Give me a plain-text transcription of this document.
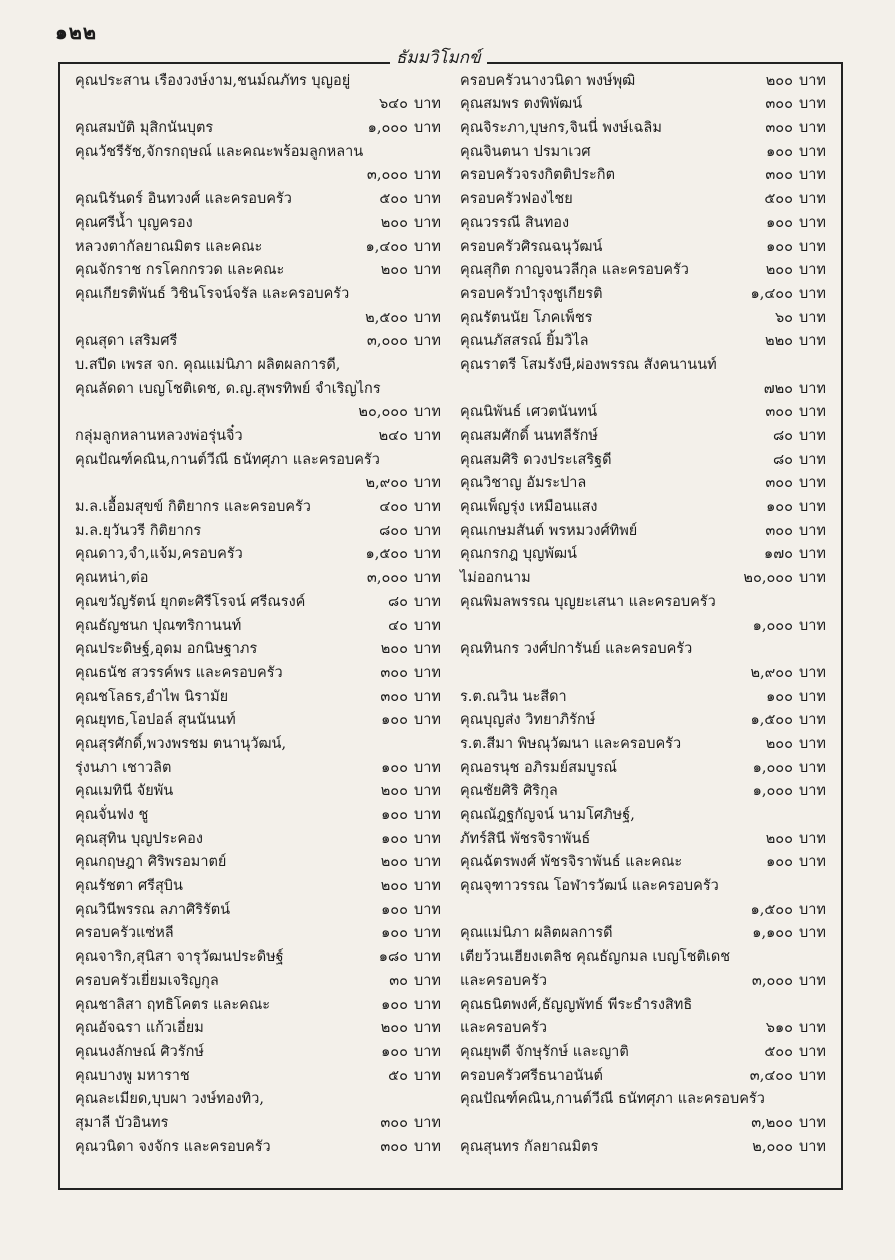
๑๒๒
ธัมมวิโมกข์
คุณประสาน เรืองวงษ์งาม,ชนม์ณภัทร บุญอยู่
๖๔๐ บาท
คุณสมบัติ มุสิกนันบุตร	๑,๐๐๐ บาท
คุณวัชรีรัช,จักรกฤษณ์ และคณะพร้อมลูกหลาน
๓,๐๐๐ บาท
คุณนิรันดร์ อินทวงศ์ และครอบครัว	๕๐๐ บาท
คุณศรีน้ำ บุญครอง	๒๐๐ บาท
หลวงตากัลยาณมิตร และคณะ	๑,๔๐๐ บาท
คุณจักราช กรโคกกรวด และคณะ	๒๐๐ บาท
คุณเกียรติพันธ์ วิชินโรจน์จรัล และครอบครัว
๒,๕๐๐ บาท
คุณสุดา เสริมศรี	๓,๐๐๐ บาท
บ.สปีด เพรส จก. คุณแม่นิภา ผลิตผลการดี,
คุณลัดดา เบญโชติเดช, ด.ญ.สุพรทิพย์ จำเริญไกร
๒๐,๐๐๐ บาท
กลุ่มลูกหลานหลวงพ่อรุ่นจิ๋ว	๒๔๐ บาท
คุณปัณฑ์คณิน,กานต์วีณี ธนัทศุภา และครอบครัว
๒,๙๐๐ บาท
ม.ล.เอื้อมสุขข์ กิติยากร และครอบครัว	๔๐๐ บาท
ม.ล.ยุวันวรี กิติยากร	๘๐๐ บาท
คุณดาว,จำ,แจ้ม,ครอบครัว	๑,๕๐๐ บาท
คุณหน่า,ต่อ	๓,๐๐๐ บาท
คุณขวัญรัตน์ ยุกตะศิรีโรจน์ ศรีณรงค์	๘๐ บาท
คุณธัญชนก ปุณฑริกานนท์	๔๐ บาท
คุณประดิษฐ์,อุดม อกนิษฐาภร	๒๐๐ บาท
คุณธนัช สวรรค์พร และครอบครัว	๓๐๐ บาท
คุณชโลธร,อำไพ นิรามัย	๓๐๐ บาท
คุณยุทธ,โอปอล์ สุนนันนท์	๑๐๐ บาท
คุณสุรศักดิ์,พวงพรชม ตนานุวัฒน์,
รุ่งนภา เชาวลิต	๑๐๐ บาท
คุณเมทินี จัยพัน	๒๐๐ บาท
คุณจั่นฟง ชู	๑๐๐ บาท
คุณสุทิน บุญประคอง	๑๐๐ บาท
คุณกฤษฎา ศิริพรอมาตย์	๒๐๐ บาท
คุณรัชตา ศรีสุบิน	๒๐๐ บาท
คุณวินีพรรณ ลภาศิริรัตน์	๑๐๐ บาท
ครอบครัวแซ่หลี	๑๐๐ บาท
คุณจาริก,สุนิสา จารุวัฒนประดิษฐ์	๑๘๐ บาท
ครอบครัวเยี่ยมเจริญกุล	๓๐ บาท
คุณชาลิสา ฤทธิโคตร และคณะ	๑๐๐ บาท
คุณอัจฉรา แก้วเอี่ยม	๒๐๐ บาท
คุณนงลักษณ์ ศิวรักษ์	๑๐๐ บาท
คุณบางพู มหาราช	๕๐ บาท
คุณละเมียด,บุบผา วงษ์ทองทิว,
สุมาลี บัวอินทร	๓๐๐ บาท
คุณวนิดา จงจักร และครอบครัว	๓๐๐ บาท
ครอบครัวนางวนิดา พงษ์พุฒิ	๒๐๐ บาท
คุณสมพร ตงพิพัฒน์	๓๐๐ บาท
คุณจิระภา,บุษกร,จินนี่ พงษ์เฉลิม	๓๐๐ บาท
คุณจินตนา ปรมาเวศ	๑๐๐ บาท
ครอบครัวจรงกิตติประกิต	๓๐๐ บาท
ครอบครัวฟองไชย	๕๐๐ บาท
คุณวรรณี สินทอง	๑๐๐ บาท
ครอบครัวศิรณฉนุวัฒน์	๑๐๐ บาท
คุณสุกิต กาญจนวลีกุล และครอบครัว	๒๐๐ บาท
ครอบครัวบำรุงชูเกียรติ	๑,๔๐๐ บาท
คุณรัตนนัย โภคเพ็ชร	๖๐ บาท
คุณนภัสสรณ์ ยิ้มวิไล	๒๒๐ บาท
คุณราตรี โสมรังษี,ผ่องพรรณ สังคนานนท์
๗๒๐ บาท
คุณนิพันธ์ เศวตนันทน์	๓๐๐ บาท
คุณสมศักดิ์ นนทลีรักษ์	๘๐ บาท
คุณสมศิริ ดวงประเสริฐดี	๘๐ บาท
คุณวิชาญ อัมระปาล	๓๐๐ บาท
คุณเพ็ญรุ่ง เหมือนแสง	๑๐๐ บาท
คุณเกษมสันต์ พรหมวงศ์ทิพย์	๓๐๐ บาท
คุณกรกฎ บุญพัฒน์	๑๗๐ บาท
ไม่ออกนาม	๒๐,๐๐๐ บาท
คุณพิมลพรรณ บุญยะเสนา และครอบครัว
๑,๐๐๐ บาท
คุณทินกร วงศ์ปการันย์ และครอบครัว
๒,๙๐๐ บาท
ร.ต.ณวิน นะสีดา	๑๐๐ บาท
คุณบุญส่ง วิทยาภิรักษ์	๑,๕๐๐ บาท
ร.ต.สีมา พิษณุวัฒนา และครอบครัว	๒๐๐ บาท
คุณอรนุช อภิรมย์สมบูรณ์	๑,๐๐๐ บาท
คุณชัยศิริ ศิริกุล	๑,๐๐๐ บาท
คุณณัฎฐกัญจน์ นามโศภิษฐ์,
ภัทร์สินี พัชรจิราพันธ์	๒๐๐ บาท
คุณฉัตรพงศ์ พัชรจิราพันธ์ และคณะ	๑๐๐ บาท
คุณจุฑาวรรณ โอฬารวัฒน์ และครอบครัว
๑,๕๐๐ บาท
คุณแม่นิภา ผลิตผลการดี	๑,๑๐๐ บาท
เตียว้วนเฮียงเตลิช คุณธัญกมล เบญโชติเดช
และครอบครัว	๓,๐๐๐ บาท
คุณธนิตพงศ์,ธัญญพัทธ์ พีระธำรงสิทธิ
และครอบครัว	๖๑๐ บาท
คุณยุพดี จักษุรักษ์ และญาติ	๕๐๐ บาท
ครอบครัวศรีธนาอนันต์	๓,๔๐๐ บาท
คุณปัณฑ์คณิน,กานต์วีณี ธนัทศุภา และครอบครัว
๓,๒๐๐ บาท
คุณสุนทร กัลยาณมิตร	๒,๐๐๐ บาท
